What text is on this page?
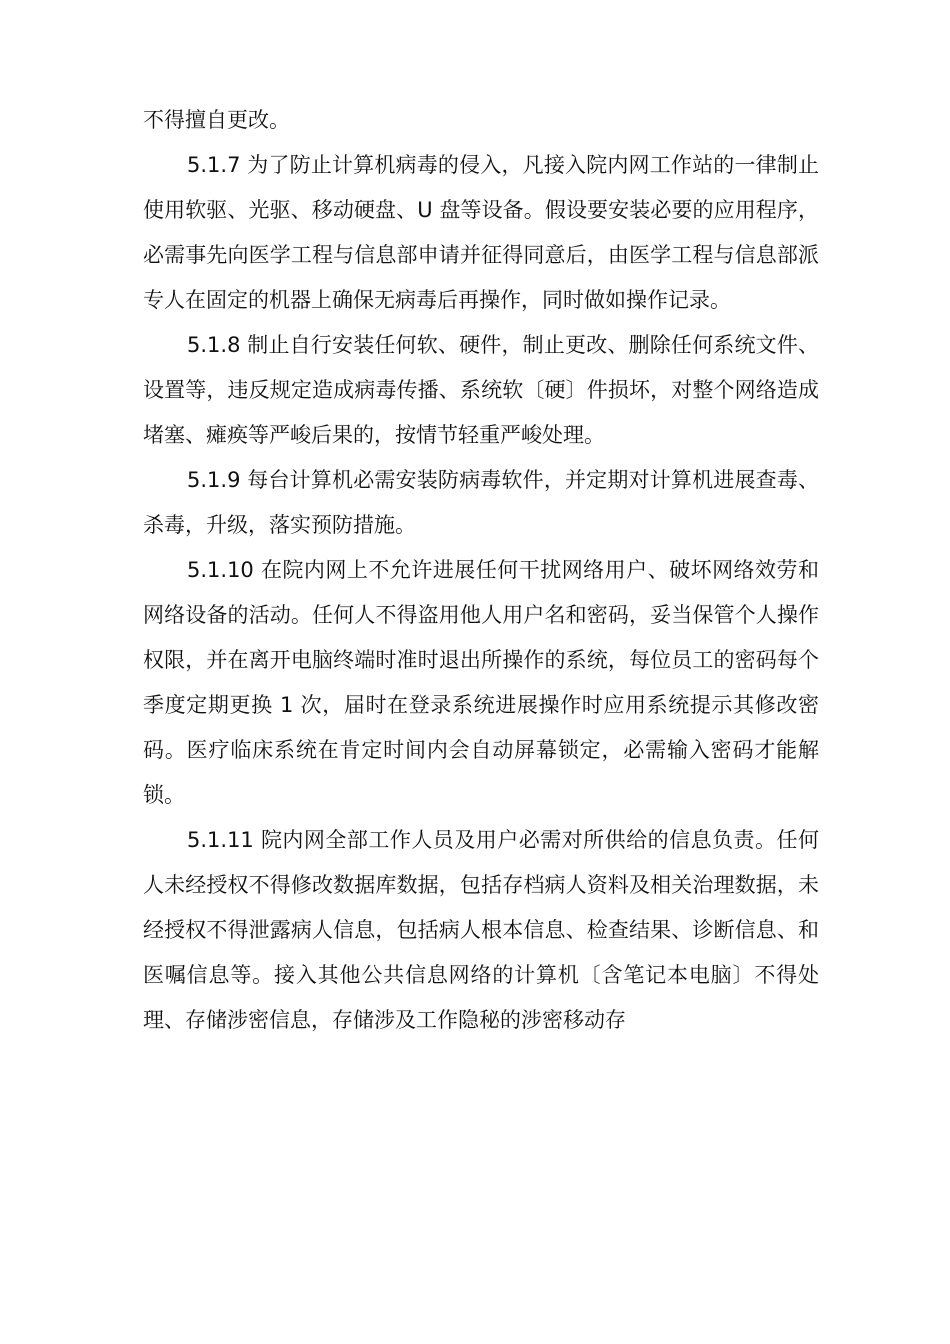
不得擅自更改。

5.1.7 为了防止计算机病毒的侵入，凡接入院内网工作站的一律制止使用软驱、光驱、移动硬盘、U 盘等设备。假设要安装必要的应用程序，必需事先向医学工程与信息部申请并征得同意后，由医学工程与信息部派专人在固定的机器上确保无病毒后再操作，同时做如操作记录。

5.1.8 制止自行安装任何软、硬件，制止更改、删除任何系统文件、设置等，违反规定造成病毒传播、系统软〔硬〕件损坏，对整个网络造成堵塞、瘫痪等严峻后果的，按情节轻重严峻处理。

5.1.9 每台计算机必需安装防病毒软件，并定期对计算机进展查毒、杀毒，升级，落实预防措施。

5.1.10 在院内网上不允许进展任何干扰网络用户、破坏网络效劳和网络设备的活动。任何人不得盗用他人用户名和密码，妥当保管个人操作权限，并在离开电脑终端时准时退出所操作的系统，每位员工的密码每个季度定期更换 1 次，届时在登录系统进展操作时应用系统提示其修改密码。医疗临床系统在肯定时间内会自动屏幕锁定，必需输入密码才能解锁。

5.1.11 院内网全部工作人员及用户必需对所供给的信息负责。任何人未经授权不得修改数据库数据，包括存档病人资料及相关治理数据，未经授权不得泄露病人信息，包括病人根本信息、检查结果、诊断信息、和医嘱信息等。接入其他公共信息网络的计算机〔含笔记本电脑〕不得处理、存储涉密信息，存储涉及工作隐秘的涉密移动存
